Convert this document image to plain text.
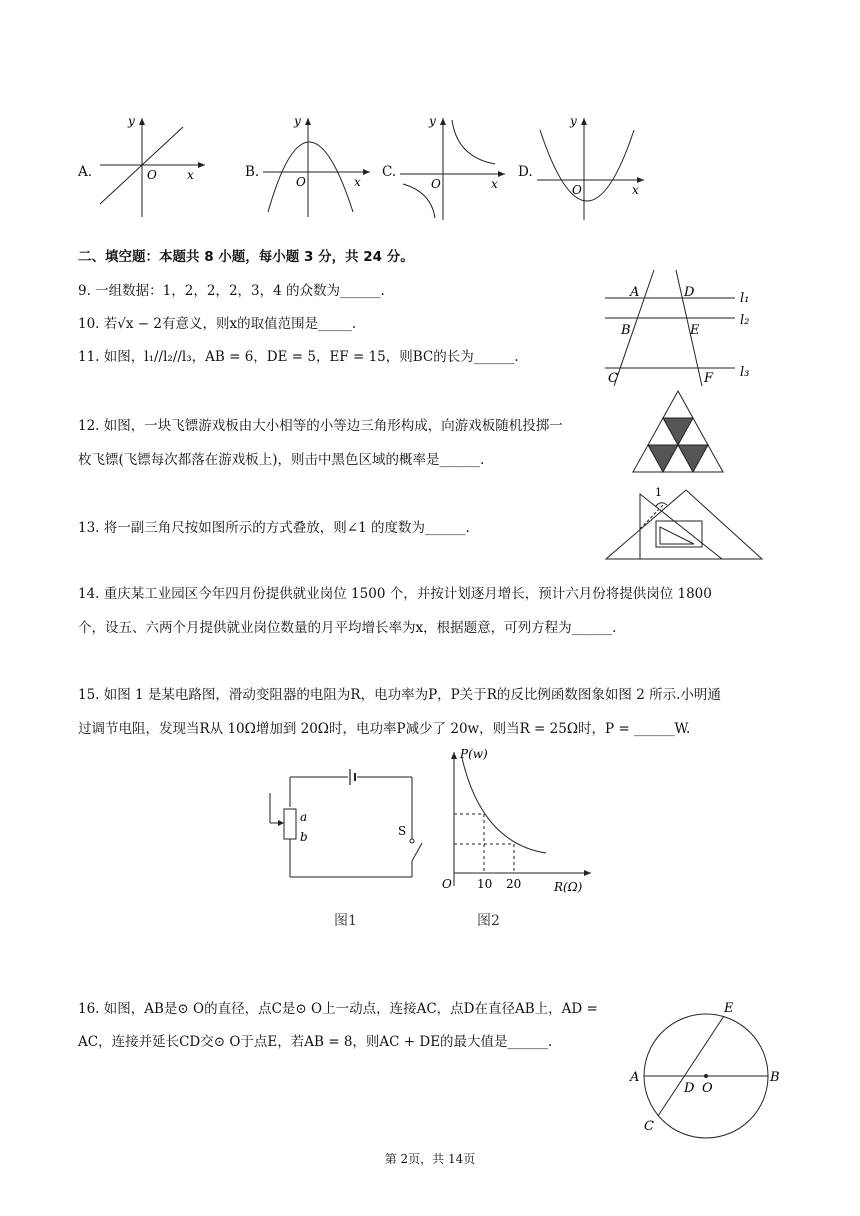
A.
y
O	x	B.
y
O	x
C.
y
O	x
D.
y
O	x
二、填空题：本题共 8 小题，每小题 3 分，共 24 分。
9. 一组数据：1，2，2，2，3，4 的众数为______.
10. 若√x − 2有意义，则x的取值范围是_____.
11. 如图，l₁//l₂//l₃，AB = 6，DE = 5，EF = 15，则BC的长为______.
A	D
B	E
C	F
l₁
l₂
l₃
12. 如图，一块飞镖游戏板由大小相等的小等边三角形构成，向游戏板随机投掷一
枚飞镖(飞镖每次都落在游戏板上)，则击中黑色区域的概率是______.
13. 将一副三角尺按如图所示的方式叠放，则∠1 的度数为______.
1
14. 重庆某工业园区今年四月份提供就业岗位 1500 个，并按计划逐月增长，预计六月份将提供岗位 1800
个，设五、六两个月提供就业岗位数量的月平均增长率为x，根据题意，可列方程为______.
15. 如图 1 是某电路图，滑动变阻器的电阻为R，电功率为P，P关于R的反比例函数图象如图 2 所示.小明通
过调节电阻，发现当R从 10Ω增加到 20Ω时，电功率P减少了 20w，则当R = 25Ω时，P = ______W.
a
b	S
图1
P(w)
O 10 20	R(Ω)
图2
16. 如图，AB是⊙ O的直径，点C是⊙ O上一动点，连接AC，点D在直径AB上，AD =
AC，连接并延长CD交⊙ O于点E，若AB = 8，则AC + DE的最大值是______.
A	B
C
D O
E
第 2页，共 14页
